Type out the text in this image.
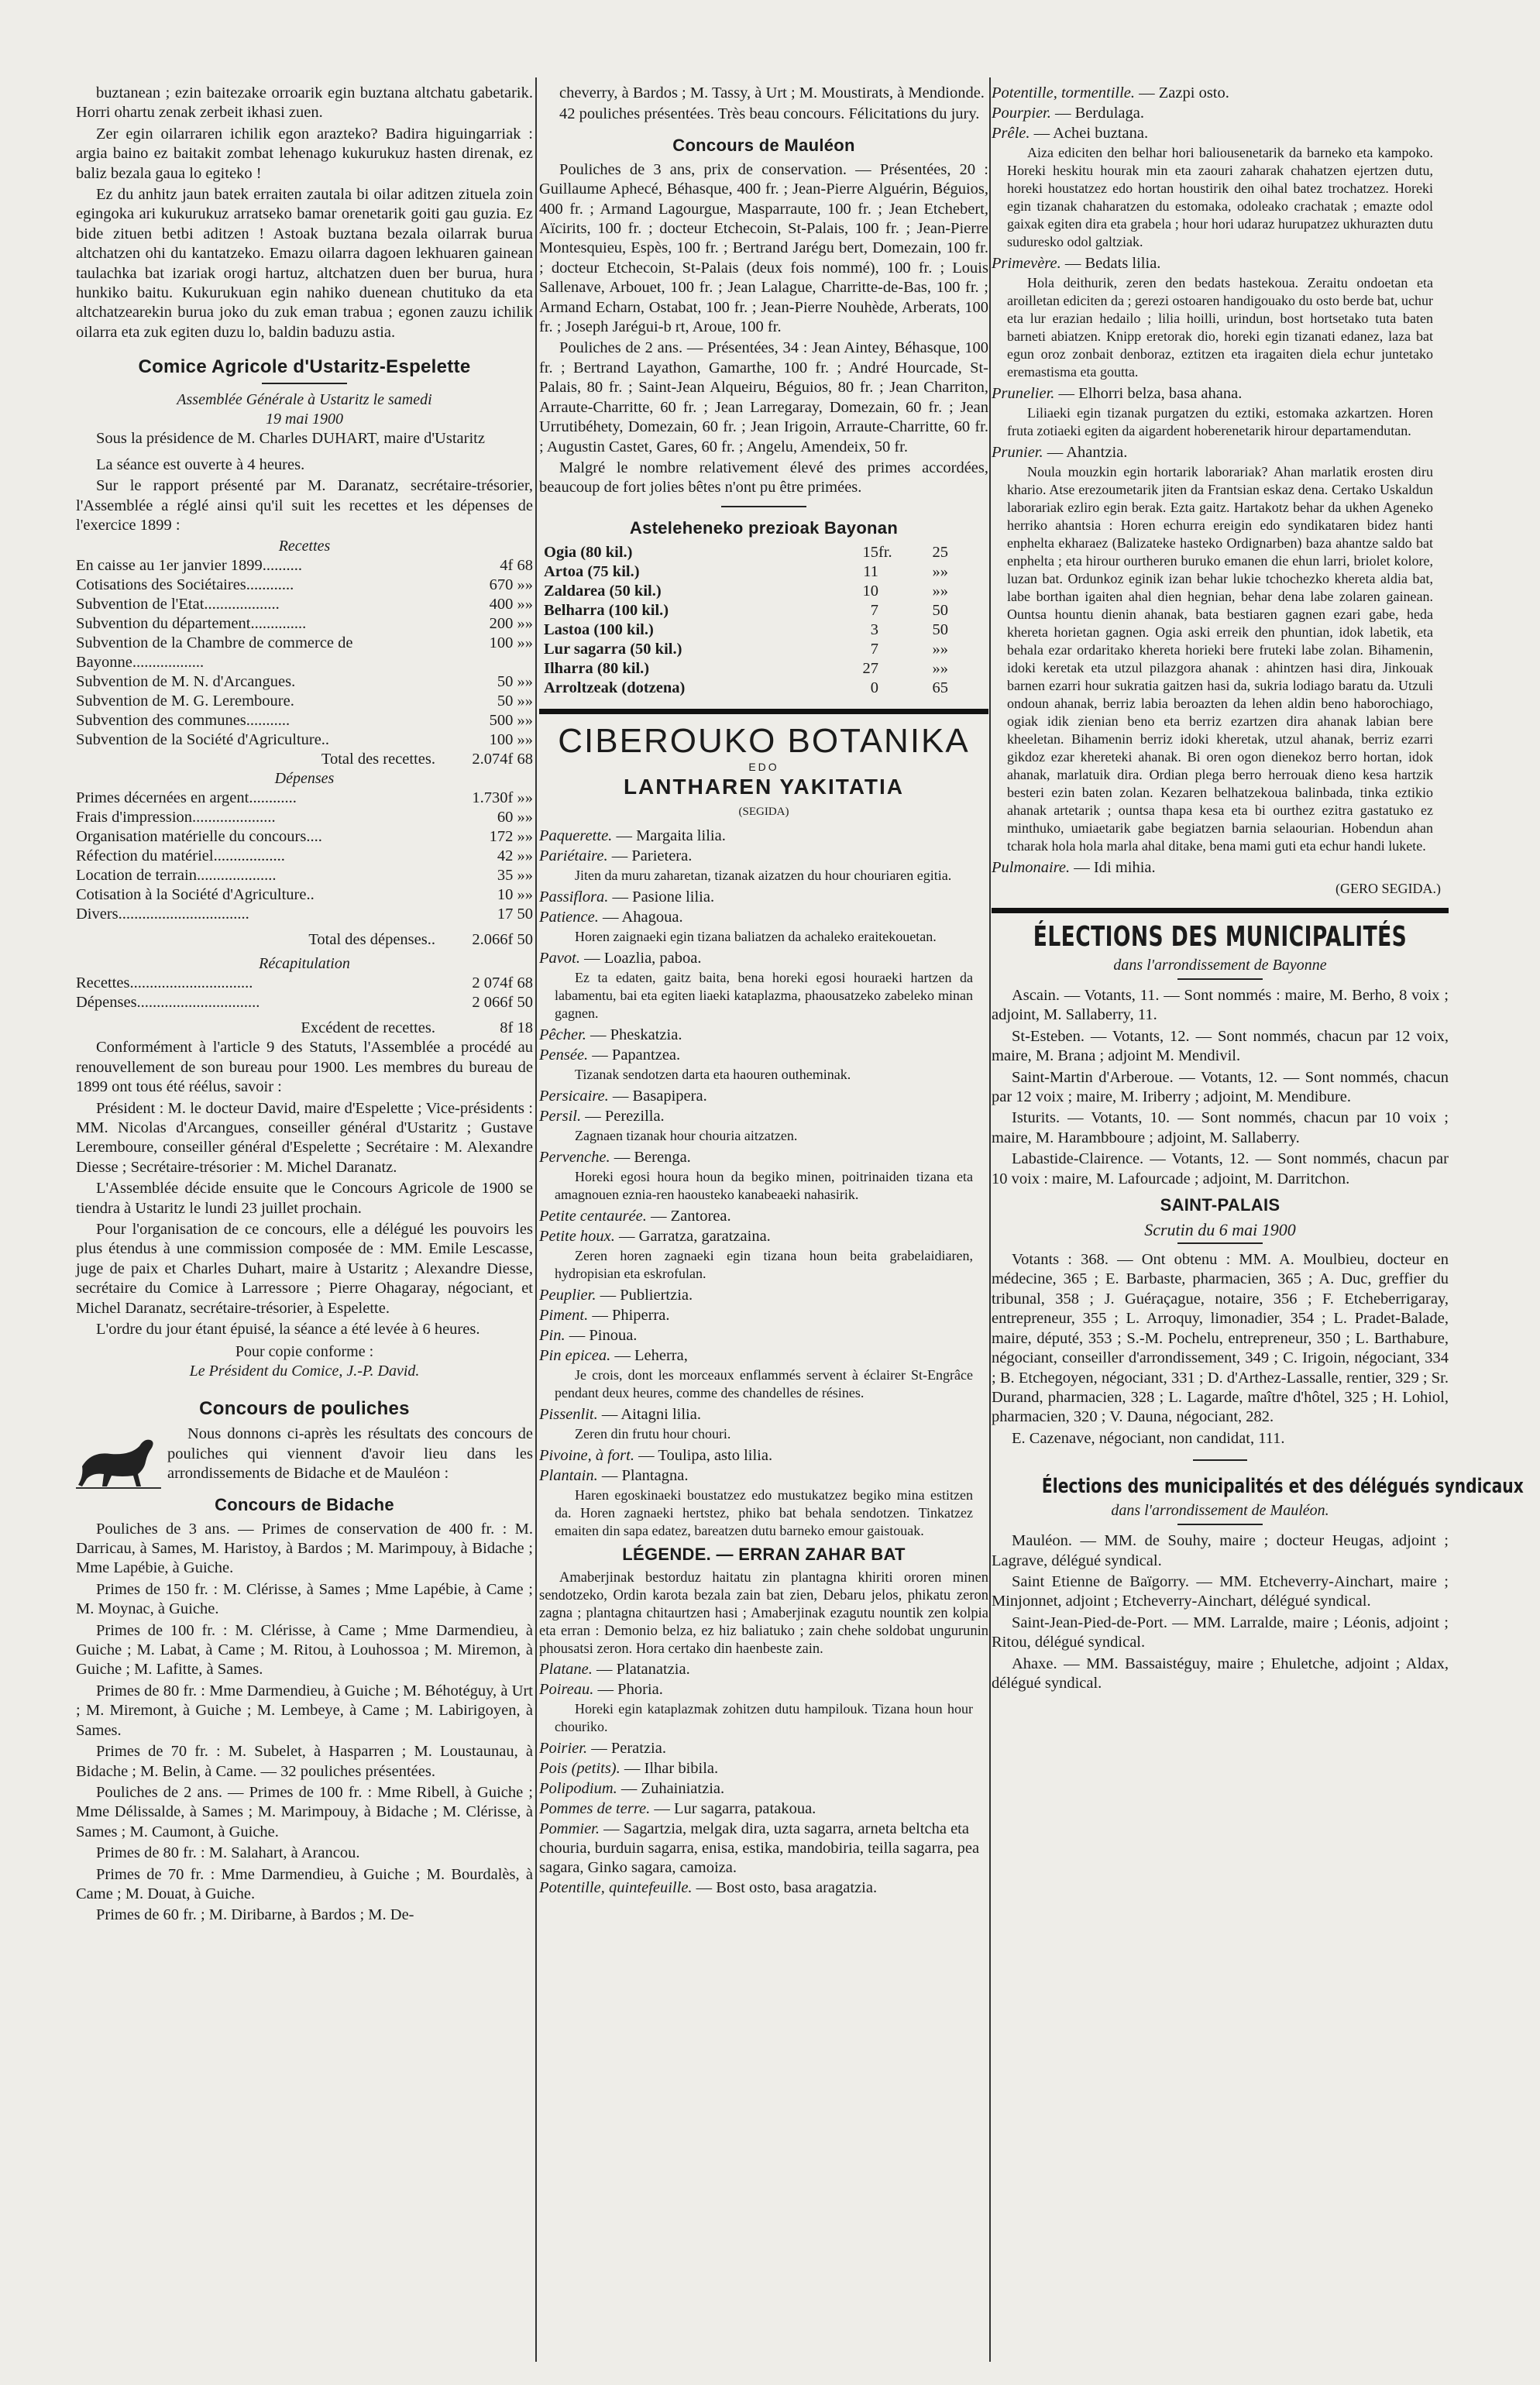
buztanean ; ezin baitezake orroarik egin buztana altchatu gabetarik. Horri ohartu zenak zerbeit ikhasi zuen.

Zer egin oilarraren ichilik egon arazteko? Badira higuingarriak : argia baino ez baitakit zombat lehenago kukurukuz hasten direnak, ez baliz bezala gaua lo egiteko !

Ez du anhitz jaun batek erraiten zautala bi oilar aditzen zituela zoin egingoka ari kukurukuz arratseko bamar orenetarik goiti gau guzia. Ez bide zituen betbi aditzen ! Astoak buztana bezala oilarrak burua altchatzen ohi du kantatzeko. Emazu oilarra dagoen lekhuaren gainean taulachka bat izariak orogi hartuz, altchatzen duen ber burua, hura hunkiko baitu. Kukurukuan egin nahiko duenean chutituko da eta altchatzearekin burua joko du zuk eman trabua ; egonen zauzu ichilik oilarra eta zuk egiten duzu lo, baldin baduzu astia.

Comice Agricole d'Ustaritz-Espelette
Assemblée Générale à Ustaritz le samedi
19 mai 1900

Sous la présidence de M. Charles DUHART, maire d'Ustaritz

La séance est ouverte à 4 heures.

Sur le rapport présenté par M. Daranatz, secrétaire-trésorier, l'Assemblée a réglé ainsi qu'il suit les recettes et les dépenses de l'exercice 1899 :

Recettes
En caisse au 1er janvier 1899..........	4f 68
Cotisations des Sociétaires............	670 »»
Subvention de l'Etat...................	400 »»
Subvention du département..............	200 »»
Subvention de la Chambre de commerce de Bayonne..................	100 »»
Subvention de M. N. d'Arcangues.	50 »»
Subvention de M. G. Leremboure.	50 »»
Subvention des communes...........	500 »»
Subvention de la Société d'Agriculture..	100 »»
Total des recettes.	2.074f 68
Dépenses
Primes décernées en argent............	1.730f »»
Frais d'impression.....................	60 »»
Organisation matérielle du concours....	172 »»
Réfection du matériel..................	42 »»
Location de terrain....................	35 »»
Cotisation à la Société d'Agriculture..	10 »»
Divers.................................	17 50
Total des dépenses..	2.066f 50
Récapitulation
Recettes...............................	2 074f 68
Dépenses...............................	2 066f 50
Excédent de recettes.	8f 18

Conformément à l'article 9 des Statuts, l'Assemblée a procédé au renouvellement de son bureau pour 1900. Les membres du bureau de 1899 ont tous été réélus, savoir :

Président : M. le docteur David, maire d'Espelette ; Vice-présidents : MM. Nicolas d'Arcangues, conseiller général d'Ustaritz ; Gustave Leremboure, conseiller général d'Espelette ; Secrétaire : M. Alexandre Diesse ; Secrétaire-trésorier : M. Michel Daranatz.

L'Assemblée décide ensuite que le Concours Agricole de 1900 se tiendra à Ustaritz le lundi 23 juillet prochain.

Pour l'organisation de ce concours, elle a délégué les pouvoirs les plus étendus à une commission composée de : MM. Emile Lescasse, juge de paix et Charles Duhart, maire à Ustaritz ; Alexandre Diesse, secrétaire du Comice à Larressore ; Pierre Ohagaray, négociant, et Michel Daranatz, secrétaire-trésorier, à Espelette.

L'ordre du jour étant épuisé, la séance a été levée à 6 heures.

Pour copie conforme :
Le Président du Comice, J.-P. David.
Concours de pouliches

Nous donnons ci-après les résultats des concours de pouliches qui viennent d'avoir lieu dans les arrondissements de Bidache et de Mauléon :

Concours de Bidache

Pouliches de 3 ans. — Primes de conservation de 400 fr. : M. Darricau, à Sames, M. Haristoy, à Bardos ; M. Marimpouy, à Bidache ; Mme Lapébie, à Guiche.

Primes de 150 fr. : M. Clérisse, à Sames ; Mme Lapébie, à Came ; M. Moynac, à Guiche.

Primes de 100 fr. : M. Clérisse, à Came ; Mme Darmendieu, à Guiche ; M. Labat, à Came ; M. Ritou, à Louhossoa ; M. Miremon, à Guiche ; M. Lafitte, à Sames.

Primes de 80 fr. : Mme Darmendieu, à Guiche ; M. Béhotéguy, à Urt ; M. Miremont, à Guiche ; M. Lembeye, à Came ; M. Labirigoyen, à Sames.

Primes de 70 fr. : M. Subelet, à Hasparren ; M. Loustaunau, à Bidache ; M. Belin, à Came. — 32 pouliches présentées.

Pouliches de 2 ans. — Primes de 100 fr. : Mme Ribell, à Guiche ; Mme Délissalde, à Sames ; M. Marimpouy, à Bidache ; M. Clérisse, à Sames ; M. Caumont, à Guiche.

Primes de 80 fr. : M. Salahart, à Arancou.

Primes de 70 fr. : Mme Darmendieu, à Guiche ; M. Bourdalès, à Came ; M. Douat, à Guiche.

Primes de 60 fr. ; M. Diribarne, à Bardos ; M. De-

cheverry, à Bardos ; M. Tassy, à Urt ; M. Moustirats, à Mendionde.

42 pouliches présentées. Très beau concours. Félicitations du jury.

Concours de Mauléon

Pouliches de 3 ans, prix de conservation. — Présentées, 20 : Guillaume Aphecé, Béhasque, 400 fr. ; Jean-Pierre Alguérin, Béguios, 400 fr. ; Armand Lagourgue, Masparraute, 100 fr. ; Jean Etchebert, Aïcirits, 100 fr. ; docteur Etchecoin, St-Palais, 100 fr. ; Jean-Pierre Montesquieu, Espès, 100 fr. ; Bertrand Jarégu bert, Domezain, 100 fr. ; docteur Etchecoin, St-Palais (deux fois nommé), 100 fr. ; Louis Sallenave, Arbouet, 100 fr. ; Jean Lalague, Charritte-de-Bas, 100 fr. ; Armand Echarn, Ostabat, 100 fr. ; Jean-Pierre Nouhède, Arberats, 100 fr. ; Joseph Jarégui-b rt, Aroue, 100 fr.

Pouliches de 2 ans. — Présentées, 34 : Jean Aintey, Béhasque, 100 fr. ; Bertrand Layathon, Gamarthe, 100 fr. ; André Hourcade, St-Palais, 80 fr. ; Saint-Jean Alqueiru, Béguios, 80 fr. ; Jean Charriton, Arraute-Charritte, 60 fr. ; Jean Larregaray, Domezain, 60 fr. ; Jean Urrutibéhety, Domezain, 60 fr. ; Jean Irigoin, Arraute-Charritte, 60 fr. ; Augustin Castet, Gares, 60 fr. ; Angelu, Amendeix, 50 fr.

Malgré le nombre relativement élevé des primes accordées, beaucoup de fort jolies bêtes n'ont pu être primées.

Asteleheneko prezioak Bayonan
Ogia (80 kil.)	15	fr.	25
Artoa (75 kil.)	11		»»
Zaldarea (50 kil.)	10		»»
Belharra (100 kil.)	7		50
Lastoa (100 kil.)	3		50
Lur sagarra (50 kil.)	7		»»
Ilharra (80 kil.)	27		»»
Arroltzeak (dotzena)	0		65
CIBEROUKO BOTANIKA
EDO
LANTHAREN YAKITATIA
(SEGIDA)

Paquerette. — Margaita lilia.

Pariétaire. — Parietera.

Jiten da muru zaharetan, tizanak aizatzen du hour chouriaren egitia.

Passiflora. — Pasione lilia.

Patience. — Ahagoua.

Horen zaignaeki egin tizana baliatzen da achaleko eraitekouetan.

Pavot. — Loazlia, paboa.

Ez ta edaten, gaitz baita, bena horeki egosi houraeki hartzen da labamentu, bai eta egiten liaeki kataplazma, phaousatzeko zabeleko minan gagnen.

Pêcher. — Pheskatzia.

Pensée. — Papantzea.

Tizanak sendotzen darta eta haouren outheminak.

Persicaire. — Basapipera.

Persil. — Perezilla.

Zagnaen tizanak hour chouria aitzatzen.

Pervenche. — Berenga.

Horeki egosi houra houn da begiko minen, poitrinaiden tizana eta amagnouen eznia-ren haousteko kanabeaeki nahasirik.

Petite centaurée. — Zantorea.

Petite houx. — Garratza, garatzaina.

Zeren horen zagnaeki egin tizana houn beita grabelaidiaren, hydropisian eta eskrofulan.

Peuplier. — Publiertzia.

Piment. — Phiperra.

Pin. — Pinoua.

Pin epicea. — Leherra,

Je crois, dont les morceaux enflammés servent à éclairer St-Engrâce pendant deux heures, comme des chandelles de résines.

Pissenlit. — Aitagni lilia.

Zeren din frutu hour chouri.

Pivoine, à fort. — Toulipa, asto lilia.

Plantain. — Plantagna.

Haren egoskinaeki boustatzez edo mustukatzez begiko mina estitzen da. Horen zagnaeki hertstez, phiko bat behala sendotzen. Tinkatzez emaiten din sapa edatez, bareatzen dutu barneko emour gaistouak.

LÉGENDE. — ERRAN ZAHAR BAT

Amaberjinak bestorduz haitatu zin plantagna khiriti ororen minen sendotzeko, Ordin karota bezala zain bat zien, Debaru jelos, phikatu zeron zagna ; plantagna chitaurtzen hasi ; Amaberjinak ezagutu nountik zen kolpia eta erran : Demonio belza, ez hiz baliatuko ; zain chehe soldobat ungurunin phousatsi zeron. Hora certako din haenbeste zain.

Platane. — Platanatzia.

Poireau. — Phoria.

Horeki egin kataplazmak zohitzen dutu hampilouk. Tizana houn hour chouriko.

Poirier. — Peratzia.

Pois (petits). — Ilhar bibila.

Polipodium. — Zuhainiatzia.

Pommes de terre. — Lur sagarra, patakoua.

Pommier. — Sagartzia, melgak dira, uzta sagarra, arneta beltcha eta chouria, burduin sagarra, enisa, estika, mandobiria, teilla sagarra, pea sagara, Ginko sagara, camoiza.

Potentille, quintefeuille. — Bost osto, basa aragatzia.

Potentille, tormentille. — Zazpi osto.

Pourpier. — Berdulaga.

Prêle. — Achei buztana.

Aiza ediciten den belhar hori baliousenetarik da barneko eta kampoko. Horeki heskitu hourak min eta zaouri zaharak chahatzen ejertzen dutu, horeki houstatzez edo hortan houstirik den oihal batez trochatzez. Horeki egin tizanak chaharatzen du estomaka, odoleako crachatak ; emazte odol gaixak egiten dira eta grabela ; hour hori udaraz hurupatzez ukhurazten dutu suduresko odol galtziak.

Primevère. — Bedats lilia.

Hola deithurik, zeren den bedats hastekoua. Zeraitu ondoetan eta aroilletan ediciten da ; gerezi ostoaren handigouako du osto berde bat, uchur eta lur erazian hedailo ; lilia hoilli, urindun, bost hortsetako tuta baten barneti abiatzen. Knipp eretorak dio, horeki egin tizanati edanez, laza bat egun oroz zonbait denboraz, eztitzen eta iragaiten diela echur juntetako eremastisma eta goutta.

Prunelier. — Elhorri belza, basa ahana.

Liliaeki egin tizanak purgatzen du eztiki, estomaka azkartzen. Horen fruta zotiaeki egiten da aigardent hoberenetarik hirour departamendutan.

Prunier. — Ahantzia.

Noula mouzkin egin hortarik laborariak? Ahan marlatik erosten diru khario. Atse erezoumetarik jiten da Frantsian eskaz dena. Certako Uskaldun laborariak ezliro egin berak. Ezta gaitz. Hartakotz behar da ukhen Ageneko herriko ahantsia : Horen echurra ereigin edo syndikataren bidez hanti enphelta ekharaez (Balizateke hasteko Ordignarben) baza ahantze saldo bat enphelta ; eta hirour ourtheren buruko emanen die ehun larri, briolet kolore, luzan bat. Ordunkoz eginik izan behar lukie tchochezko khereta aldia bat, labe borthan igaiten ahal dien hegnian, behar dena labe zolaren gainean. Ountsa hountu dienin ahanak, bata bestiaren gagnen ezari gabe, heda khereta horietan gagnen. Ogia aski erreik den phuntian, idok labetik, eta behala ezar ordaritako khereta horieki bere fruteki labe zolan. Bihamenin, idoki keretak eta utzul pilazgora ahanak : ahintzen hasi dira, Jinkouak barnen ezarri hour sukratia gaitzen hasi da, sukria lodiago baratu da. Utzuli ondoun ahanak, berriz labia beroazten da lehen aldin beno haborochiago, ogiak idik zienian beno eta berriz ezartzen dira ahanak labian bere kheeletan. Bihamenin berriz idoki kheretak, utzul ahanak, berriz ezarri gikdoz ezar khereteki ahanak. Bi oren ogon dienekoz berro hortan, idok ahanak, marlatuik dira. Ordian plega berro herrouak dieno kesa hartzik besteri ezin baten zolan. Kezaren belhatzekoua balinbada, tinka eztikio ahanak artetarik ; ountsa thapa kesa eta bi ourthez ezitra gastatuko ez minthuko, umiaetarik gabe begiatzen barnia selaourian. Hobendun ahan tcharak hola hola marla ahal ditake, bena mami guti eta echur handi lukete.

Pulmonaire. — Idi mihia.

(GERO SEGIDA.)
ÉLECTIONS DES MUNICIPALITÉS
dans l'arrondissement de Bayonne

Ascain. — Votants, 11. — Sont nommés : maire, M. Berho, 8 voix ; adjoint, M. Sallaberry, 11.

St-Esteben. — Votants, 12. — Sont nommés, chacun par 12 voix, maire, M. Brana ; adjoint M. Mendivil.

Saint-Martin d'Arberoue. — Votants, 12. — Sont nommés, chacun par 12 voix ; maire, M. Iriberry ; adjoint, M. Mendibure.

Isturits. — Votants, 10. — Sont nommés, chacun par 10 voix ; maire, M. Harambboure ; adjoint, M. Sallaberry.

Labastide-Clairence. — Votants, 12. — Sont nommés, chacun par 10 voix : maire, M. Lafourcade ; adjoint, M. Darritchon.

SAINT-PALAIS
Scrutin du 6 mai 1900

Votants : 368. — Ont obtenu : MM. A. Moulbieu, docteur en médecine, 365 ; E. Barbaste, pharmacien, 365 ; A. Duc, greffier du tribunal, 358 ; J. Guéraçague, notaire, 356 ; F. Etcheberrigaray, entrepreneur, 355 ; L. Arroquy, limonadier, 354 ; L. Pradet-Balade, maire, député, 353 ; S.-M. Pochelu, entrepreneur, 350 ; L. Barthabure, négociant, conseiller d'arrondissement, 349 ; C. Irigoin, négociant, 334 ; B. Etchegoyen, négociant, 331 ; D. d'Arthez-Lassalle, rentier, 329 ; Sr. Durand, pharmacien, 328 ; L. Lagarde, maître d'hôtel, 325 ; H. Lohiol, pharmacien, 320 ; V. Dauna, négociant, 282.

E. Cazenave, négociant, non candidat, 111.

Élections des municipalités et des délégués syndicaux
dans l'arrondissement de Mauléon.

Mauléon. — MM. de Souhy, maire ; docteur Heugas, adjoint ; Lagrave, délégué syndical.

Saint Etienne de Baïgorry. — MM. Etcheverry-Ainchart, maire ; Minjonnet, adjoint ; Etcheverry-Ainchart, délégué syndical.

Saint-Jean-Pied-de-Port. — MM. Larralde, maire ; Léonis, adjoint ; Ritou, délégué syndical.

Ahaxe. — MM. Bassaistéguy, maire ; Ehuletche, adjoint ; Aldax, délégué syndical.
